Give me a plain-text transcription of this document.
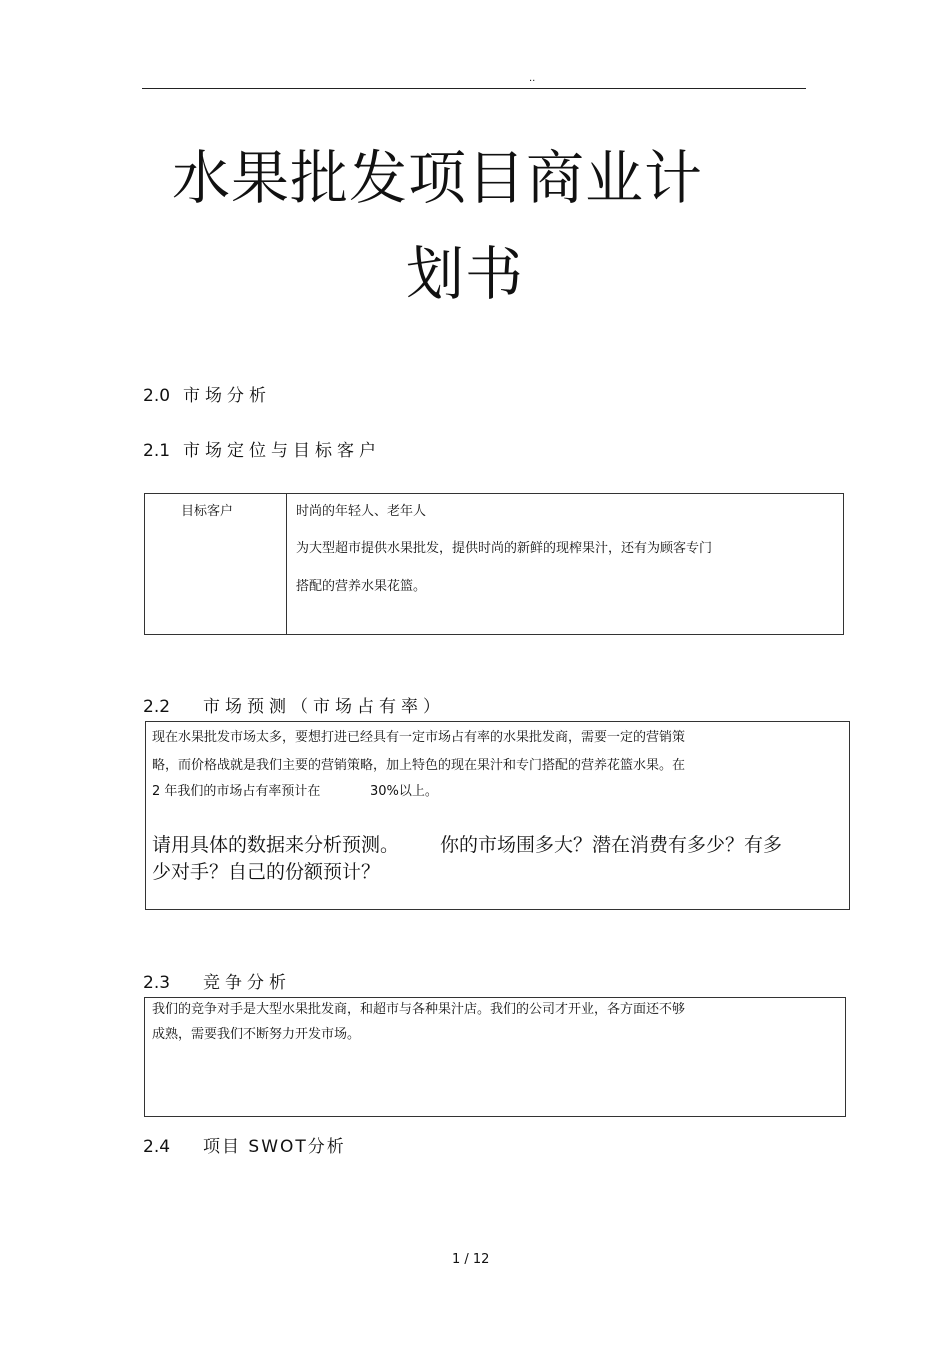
..
水果批发项目商业计
划书
2.0 市场分析
2.1 市场定位与目标客户
目标客户	时尚的年轻人、老年人
为大型超市提供水果批发，提供时尚的新鲜的现榨果汁，还有为顾客专门
搭配的营养水果花篮。
2.2 市场预测（市场占有率）
现在水果批发市场太多，要想打进已经具有一定市场占有率的水果批发商，需要一定的营销策
略，而价格战就是我们主要的营销策略，加上特色的现在果汁和专门搭配的营养花篮水果。在
2 年我们的市场占有率预计在	30%以上。
请用具体的数据来分析预测。 你的市场围多大？潜在消费有多少？有多
少对手？自己的份额预计？
2.3 竞争分析
我们的竞争对手是大型水果批发商，和超市与各种果汁店。我们的公司才开业，各方面还不够
成熟，需要我们不断努力开发市场。
2.4 项目 SWOT分析
1 / 12
